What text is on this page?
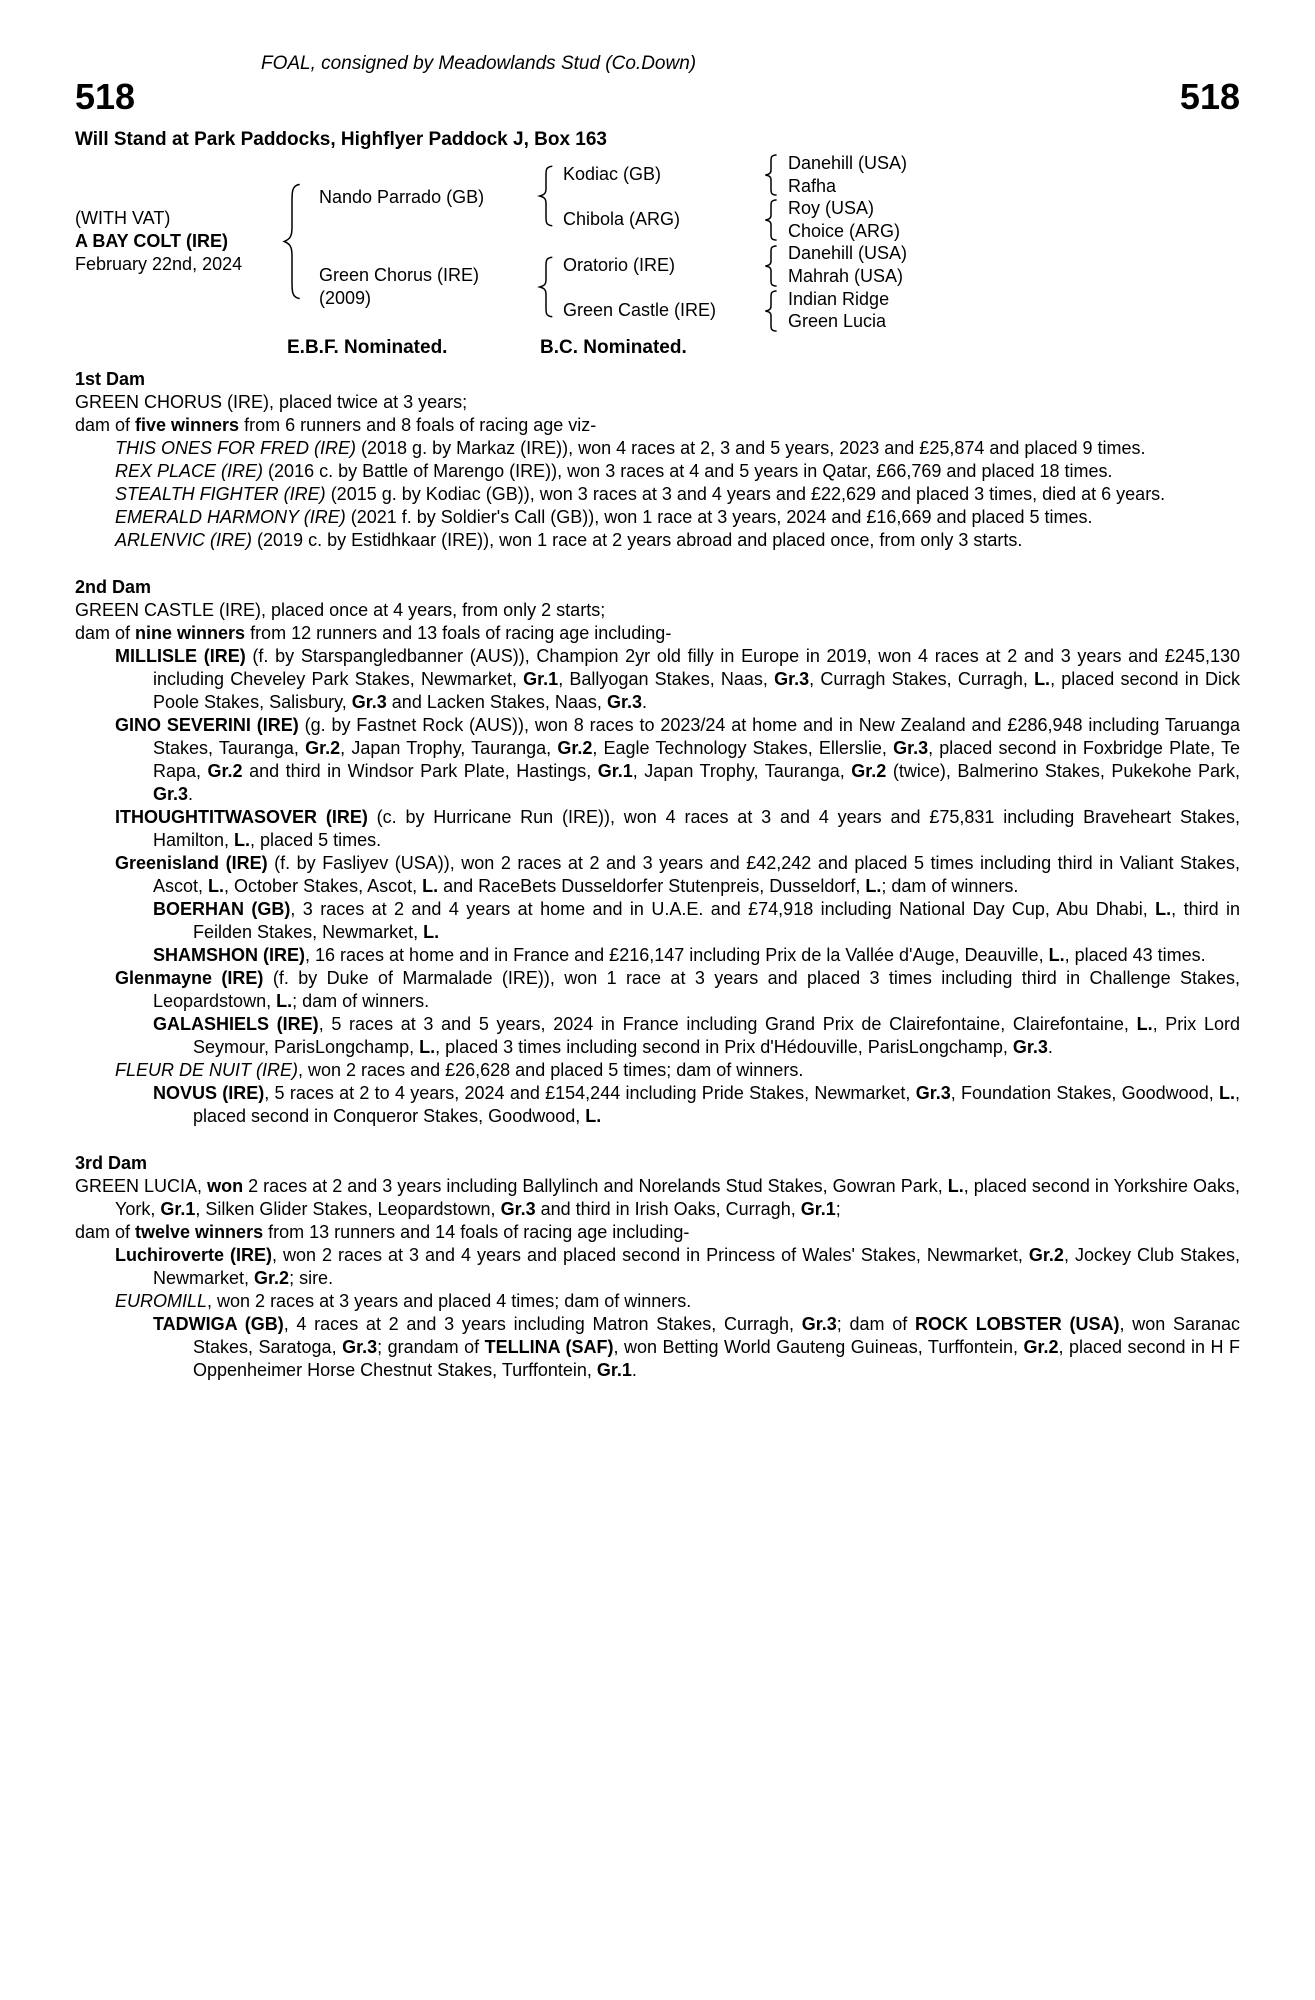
FOAL, consigned by Meadowlands Stud (Co.Down)
518	518
Will Stand at Park Paddocks, Highflyer Paddock J, Box 163
(WITH VAT)
A BAY COLT (IRE)
February 22nd, 2024
Nando Parrado (GB)
Green Chorus (IRE)
(2009)
Kodiac (GB)
Chibola (ARG)
Oratorio (IRE)
Green Castle (IRE)
Danehill (USA)
Rafha
Roy (USA)
Choice (ARG)
Danehill (USA)
Mahrah (USA)
Indian Ridge
Green Lucia
E.B.F. Nominated.	B.C. Nominated.
1st Dam

GREEN CHORUS (IRE), placed twice at 3 years;

dam of five winners from 6 runners and 8 foals of racing age viz-

THIS ONES FOR FRED (IRE) (2018 g. by Markaz (IRE)), won 4 races at 2, 3 and 5 years, 2023 and £25,874 and placed 9 times.

REX PLACE (IRE) (2016 c. by Battle of Marengo (IRE)), won 3 races at 4 and 5 years in Qatar, £66,769 and placed 18 times.

STEALTH FIGHTER (IRE) (2015 g. by Kodiac (GB)), won 3 races at 3 and 4 years and £22,629 and placed 3 times, died at 6 years.

EMERALD HARMONY (IRE) (2021 f. by Soldier's Call (GB)), won 1 race at 3 years, 2024 and £16,669 and placed 5 times.

ARLENVIC (IRE) (2019 c. by Estidhkaar (IRE)), won 1 race at 2 years abroad and placed once, from only 3 starts.

2nd Dam

GREEN CASTLE (IRE), placed once at 4 years, from only 2 starts;

dam of nine winners from 12 runners and 13 foals of racing age including-

MILLISLE (IRE) (f. by Starspangledbanner (AUS)), Champion 2yr old filly in Europe in 2019, won 4 races at 2 and 3 years and £245,130 including Cheveley Park Stakes, Newmarket, Gr.1, Ballyogan Stakes, Naas, Gr.3, Curragh Stakes, Curragh, L., placed second in Dick Poole Stakes, Salisbury, Gr.3 and Lacken Stakes, Naas, Gr.3.

GINO SEVERINI (IRE) (g. by Fastnet Rock (AUS)), won 8 races to 2023/24 at home and in New Zealand and £286,948 including Taruanga Stakes, Tauranga, Gr.2, Japan Trophy, Tauranga, Gr.2, Eagle Technology Stakes, Ellerslie, Gr.3, placed second in Foxbridge Plate, Te Rapa, Gr.2 and third in Windsor Park Plate, Hastings, Gr.1, Japan Trophy, Tauranga, Gr.2 (twice), Balmerino Stakes, Pukekohe Park, Gr.3.

ITHOUGHTITWASOVER (IRE) (c. by Hurricane Run (IRE)), won 4 races at 3 and 4 years and £75,831 including Braveheart Stakes, Hamilton, L., placed 5 times.

Greenisland (IRE) (f. by Fasliyev (USA)), won 2 races at 2 and 3 years and £42,242 and placed 5 times including third in Valiant Stakes, Ascot, L., October Stakes, Ascot, L. and RaceBets Dusseldorfer Stutenpreis, Dusseldorf, L.; dam of winners.

BOERHAN (GB), 3 races at 2 and 4 years at home and in U.A.E. and £74,918 including National Day Cup, Abu Dhabi, L., third in Feilden Stakes, Newmarket, L.

SHAMSHON (IRE), 16 races at home and in France and £216,147 including Prix de la Vallée d'Auge, Deauville, L., placed 43 times.

Glenmayne (IRE) (f. by Duke of Marmalade (IRE)), won 1 race at 3 years and placed 3 times including third in Challenge Stakes, Leopardstown, L.; dam of winners.

GALASHIELS (IRE), 5 races at 3 and 5 years, 2024 in France including Grand Prix de Clairefontaine, Clairefontaine, L., Prix Lord Seymour, ParisLongchamp, L., placed 3 times including second in Prix d'Hédouville, ParisLongchamp, Gr.3.

FLEUR DE NUIT (IRE), won 2 races and £26,628 and placed 5 times; dam of winners.

NOVUS (IRE), 5 races at 2 to 4 years, 2024 and £154,244 including Pride Stakes, Newmarket, Gr.3, Foundation Stakes, Goodwood, L., placed second in Conqueror Stakes, Goodwood, L.

3rd Dam

GREEN LUCIA, won 2 races at 2 and 3 years including Ballylinch and Norelands Stud Stakes, Gowran Park, L., placed second in Yorkshire Oaks, York, Gr.1, Silken Glider Stakes, Leopardstown, Gr.3 and third in Irish Oaks, Curragh, Gr.1;

dam of twelve winners from 13 runners and 14 foals of racing age including-

Luchiroverte (IRE), won 2 races at 3 and 4 years and placed second in Princess of Wales' Stakes, Newmarket, Gr.2, Jockey Club Stakes, Newmarket, Gr.2; sire.

EUROMILL, won 2 races at 3 years and placed 4 times; dam of winners.

TADWIGA (GB), 4 races at 2 and 3 years including Matron Stakes, Curragh, Gr.3; dam of ROCK LOBSTER (USA), won Saranac Stakes, Saratoga, Gr.3; grandam of TELLINA (SAF), won Betting World Gauteng Guineas, Turffontein, Gr.2, placed second in H F Oppenheimer Horse Chestnut Stakes, Turffontein, Gr.1.
